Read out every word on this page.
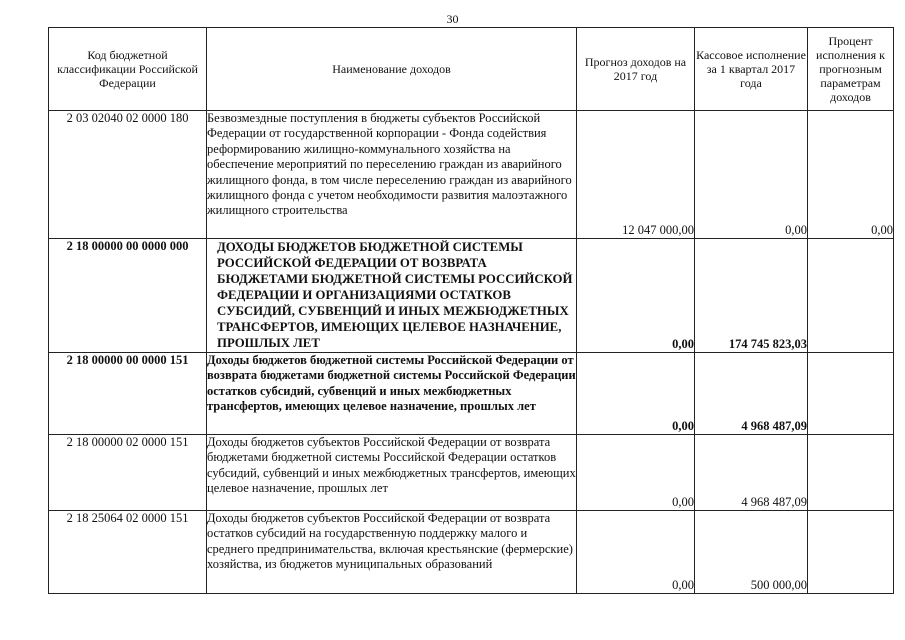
30
Код бюджетной классификации Российской Федерации	Наименование доходов	Прогноз доходов на 2017 год	Кассовое исполнение за 1 квартал 2017 года	Процент исполнения к прогнозным параметрам доходов
2 03 02040 02 0000 180	Безвозмездные поступления в бюджеты субъектов Российской Федерации от государственной корпорации - Фонда содействия реформированию жилищно-коммунального хозяйства на обеспечение мероприятий по переселению граждан из аварийного жилищного фонда, в том числе переселению граждан из аварийного жилищного фонда с учетом необходимости развития малоэтажного жилищного строительства	12 047 000,00	0,00	0,00
2 18 00000 00 0000 000	ДОХОДЫ БЮДЖЕТОВ БЮДЖЕТНОЙ СИСТЕМЫ РОССИЙСКОЙ ФЕДЕРАЦИИ ОТ ВОЗВРАТА БЮДЖЕТАМИ БЮДЖЕТНОЙ СИСТЕМЫ РОССИЙСКОЙ ФЕДЕРАЦИИ И ОРГАНИЗАЦИЯМИ ОСТАТКОВ СУБСИДИЙ, СУБВЕНЦИЙ И ИНЫХ МЕЖБЮДЖЕТНЫХ ТРАНСФЕРТОВ, ИМЕЮЩИХ ЦЕЛЕВОЕ НАЗНАЧЕНИЕ, ПРОШЛЫХ ЛЕТ	0,00	174 745 823,03	
2 18 00000 00 0000 151	Доходы бюджетов бюджетной системы Российской Федерации от возврата бюджетами бюджетной системы Российской Федерации остатков субсидий, субвенций и иных межбюджетных трансфертов, имеющих целевое назначение, прошлых лет	0,00	4 968 487,09	
2 18 00000 02 0000 151	Доходы бюджетов субъектов Российской Федерации от возврата бюджетами бюджетной системы Российской Федерации остатков субсидий, субвенций и иных межбюджетных трансфертов, имеющих целевое назначение, прошлых лет	0,00	4 968 487,09	
2 18 25064 02 0000 151	Доходы бюджетов субъектов Российской Федерации от возврата остатков субсидий на государственную поддержку малого и среднего предпринимательства, включая крестьянские (фермерские) хозяйства, из бюджетов муниципальных образований	0,00	500 000,00	
